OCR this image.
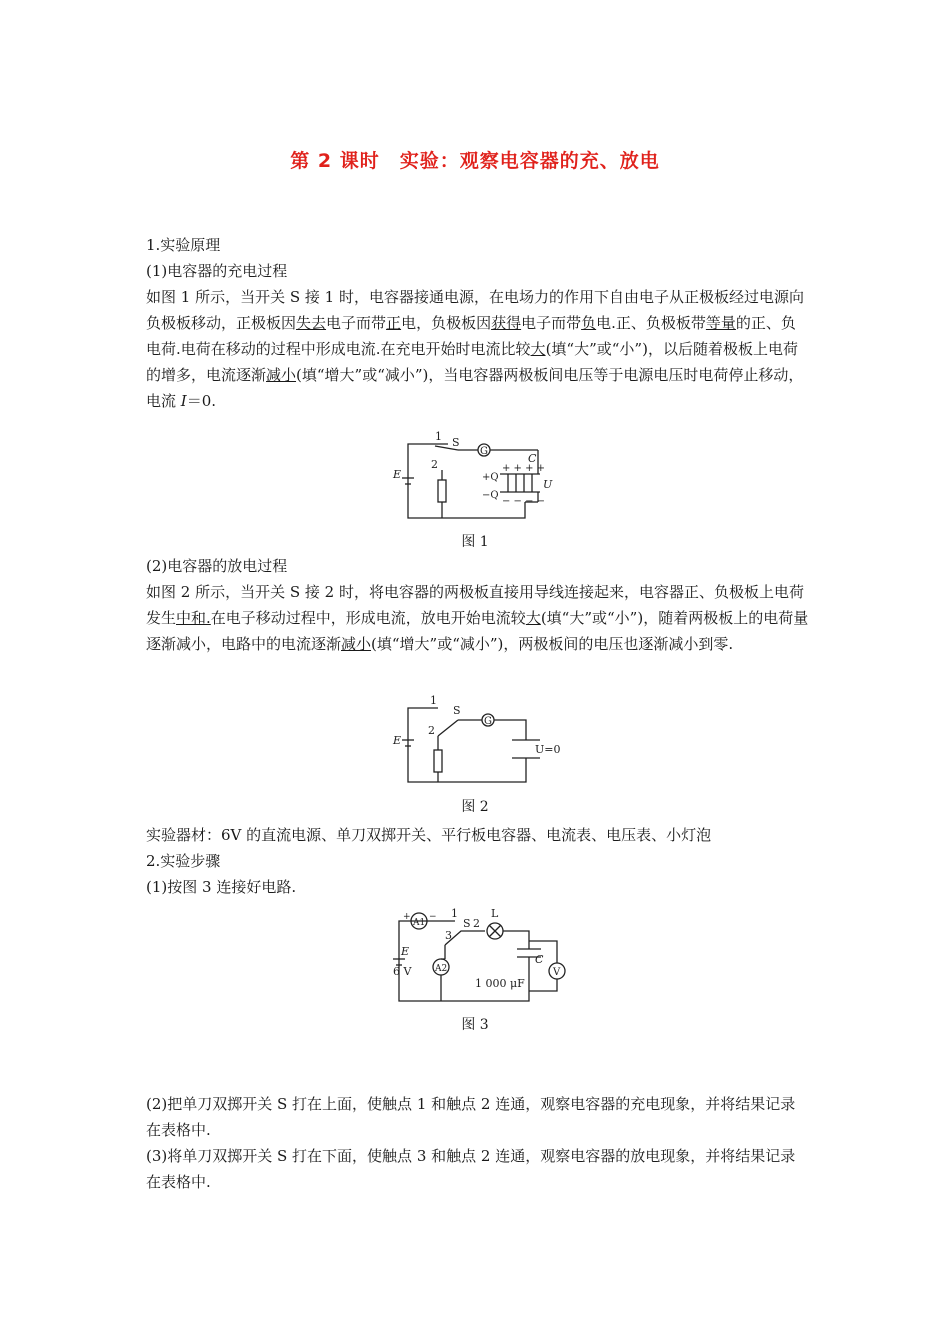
第 2 课时　实验：观察电容器的充、放电

1.实验原理

(1)电容器的充电过程

如图 1 所示，当开关 S 接 1 时，电容器接通电源，在电场力的作用下自由电子从正极板经过电源向负极板移动，正极板因失去电子而带正电，负极板因获得电子而带负电.正、负极板带等量的正、负电荷.电荷在移动的过程中形成电流.在充电开始时电流比较大(填“大”或“小”)，以后随着极板上电荷的增多，电流逐渐减小(填“增大”或“减小”)，当电容器两极板间电压等于电源电压时电荷停止移动，电流 I＝0.

1 S
G
C
E
2
+Q
−Q
U
+ + + +
− − − −
图 1

(2)电容器的放电过程

如图 2 所示，当开关 S 接 2 时，将电容器的两极板直接用导线连接起来，电容器正、负极板上电荷发生中和.在电子移动过程中，形成电流，放电开始电流较大(填“大”或“小”)，随着两极板上的电荷量逐渐减小，电路中的电流逐渐减小(填“增大”或“减小”)，两极板间的电压也逐渐减小到零.

1
S
G
E
2
U=0
图 2

实验器材：6V 的直流电源、单刀双掷开关、平行板电容器、电流表、电压表、小灯泡

2.实验步骤

(1)按图 3 连接好电路.

A1
1
S 2
L
3
E
6 V	A2
C
V
1 000 μF
+ −
图 3

(2)把单刀双掷开关 S 打在上面，使触点 1 和触点 2 连通，观察电容器的充电现象，并将结果记录在表格中.

(3)将单刀双掷开关 S 打在下面，使触点 3 和触点 2 连通，观察电容器的放电现象，并将结果记录在表格中.
